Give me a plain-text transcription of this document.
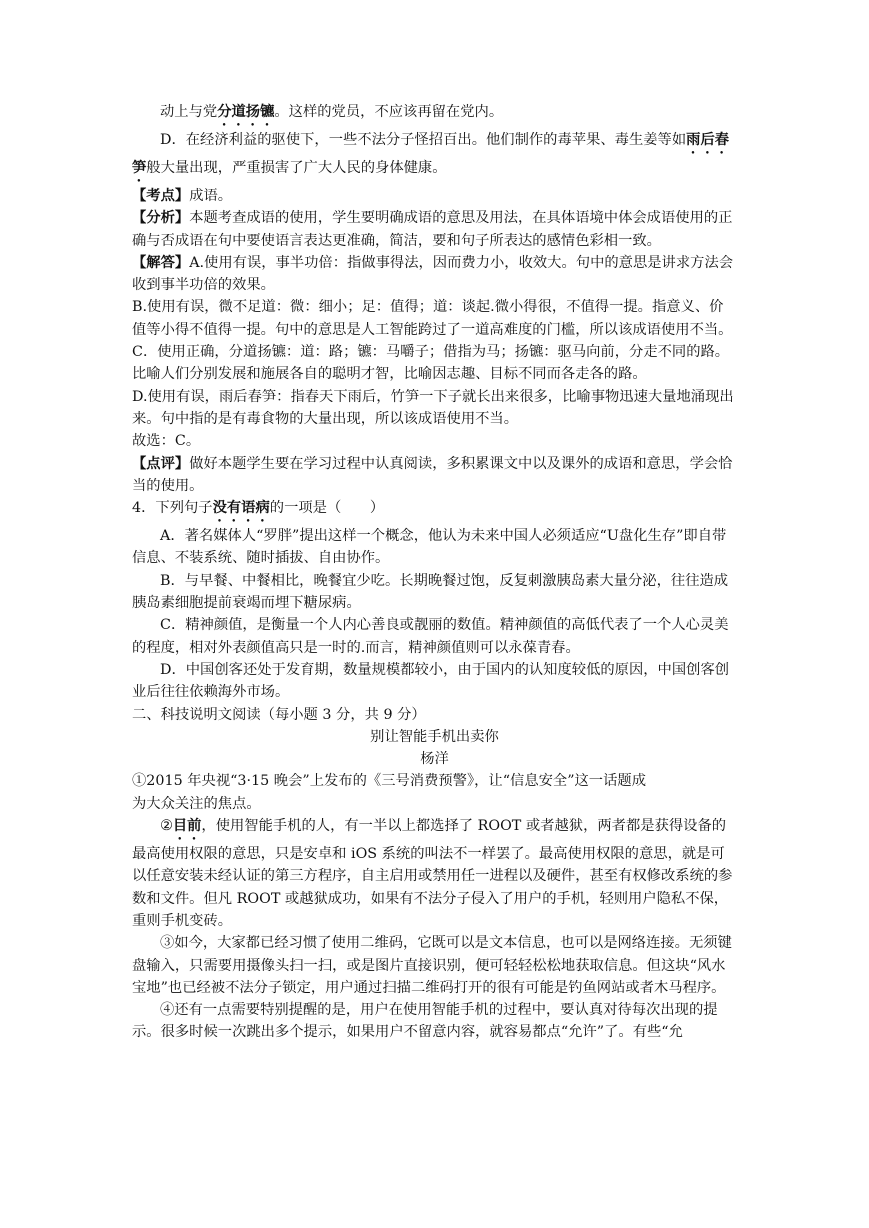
动上与党分道扬镳。这样的党员，不应该再留在党内。

D．在经济利益的驱使下，一些不法分子怪招百出。他们制作的毒苹果、毒生姜等如雨后春笋般大量出现，严重损害了广大人民的身体健康。

【考点】成语。

【分析】本题考查成语的使用，学生要明确成语的意思及用法，在具体语境中体会成语使用的正确与否成语在句中要使语言表达更准确，简洁，要和句子所表达的感情色彩相一致。

【解答】A.使用有误，事半功倍：指做事得法，因而费力小，收效大。句中的意思是讲求方法会收到事半功倍的效果。

B.使用有误，微不足道：微：细小；足：值得；道：谈起.微小得很，不值得一提。指意义、价值等小得不值得一提。句中的意思是人工智能跨过了一道高难度的门槛，所以该成语使用不当。

C．使用正确，分道扬镳：道：路；镳：马嚼子；借指为马；扬镳：驱马向前，分走不同的路。比喻人们分别发展和施展各自的聪明才智，比喻因志趣、目标不同而各走各的路。

D.使用有误，雨后春笋：指春天下雨后，竹笋一下子就长出来很多，比喻事物迅速大量地涌现出来。句中指的是有毒食物的大量出现，所以该成语使用不当。

故选：C。

【点评】做好本题学生要在学习过程中认真阅读，多积累课文中以及课外的成语和意思，学会恰当的使用。

4．下列句子没有语病的一项是（　　）

A．著名媒体人“罗胖”提出这样一个概念，他认为未来中国人必须适应“U盘化生存”即自带信息、不装系统、随时插拔、自由协作。

B．与早餐、中餐相比，晚餐宜少吃。长期晚餐过饱，反复刺激胰岛素大量分泌，往往造成胰岛素细胞提前衰竭而埋下糖尿病。

C．精神颜值，是衡量一个人内心善良或靓丽的数值。精神颜值的高低代表了一个人心灵美的程度，相对外表颜值高只是一时的.而言，精神颜值则可以永葆青春。

D．中国创客还处于发育期，数量规模都较小，由于国内的认知度较低的原因，中国创客创业后往往依赖海外市场。

二、科技说明文阅读（每小题 3 分，共 9 分）

别让智能手机出卖你

杨洋

①2015 年央视“3·15 晚会”上发布的《三号消费预警》，让“信息安全”这一话题成

为大众关注的焦点。

②目前，使用智能手机的人，有一半以上都选择了 ROOT 或者越狱，两者都是获得设备的最高使用权限的意思，只是安卓和 iOS 系统的叫法不一样罢了。最高使用权限的意思，就是可以任意安装未经认证的第三方程序，自主启用或禁用任一进程以及硬件，甚至有权修改系统的参数和文件。但凡 ROOT 或越狱成功，如果有不法分子侵入了用户的手机，轻则用户隐私不保，重则手机变砖。

③如今，大家都已经习惯了使用二维码，它既可以是文本信息，也可以是网络连接。无须键盘输入，只需要用摄像头扫一扫，或是图片直接识别，便可轻轻松松地获取信息。但这块“风水宝地”也已经被不法分子锁定，用户通过扫描二维码打开的很有可能是钓鱼网站或者木马程序。

④还有一点需要特别提醒的是，用户在使用智能手机的过程中，要认真对待每次出现的提示。很多时候一次跳出多个提示，如果用户不留意内容，就容易都点“允许”了。有些“允
